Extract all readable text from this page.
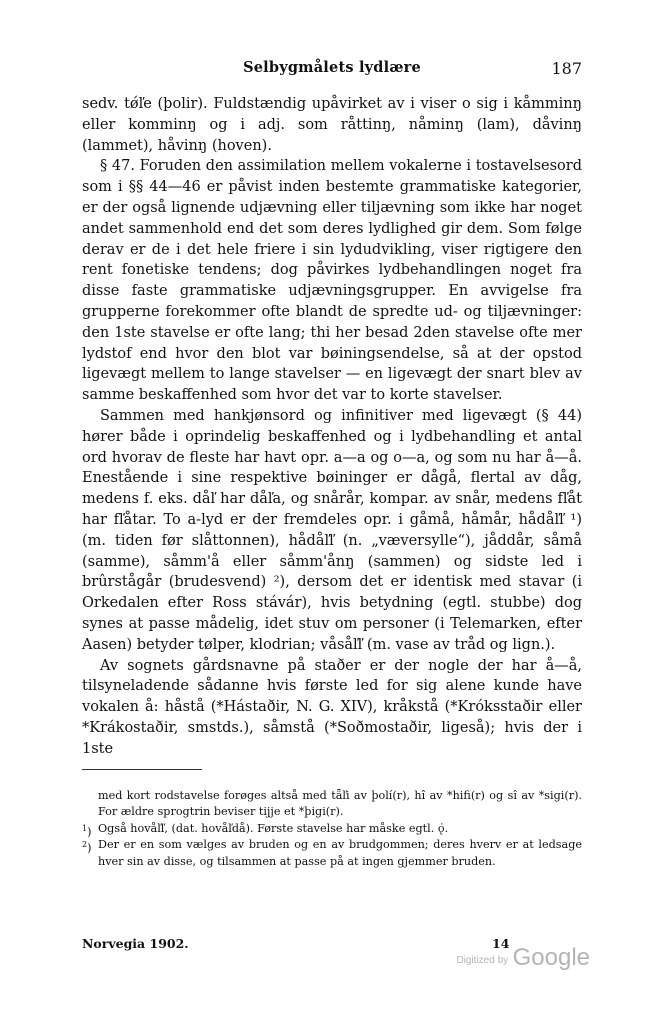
Selbygmålets lydlære	187

sedv. tǿľe (þolir). Fuldstændig upåvirket av i viser o sig i kåmminŋ eller komminŋ og i adj. som råttinŋ, nåminŋ (lam), dåvinŋ (lammet), håvinŋ (hoven).

§ 47. Foruden den assimilation mellem vokalerne i tostavelsesord som i §§ 44—46 er påvist inden bestemte grammatiske kategorier, er der også lignende udjævning eller tiljævning som ikke har noget andet sammenhold end det som deres lydlighed gir dem. Som følge derav er de i det hele friere i sin lydudvikling, viser rigtigere den rent fonetiske tendens; dog påvirkes lydbehandlingen noget fra disse faste grammatiske udjævningsgrupper. En avvigelse fra grupperne forekommer ofte blandt de spredte ud- og tiljævninger: den 1ste stavelse er ofte lang; thi her besad 2den stavelse ofte mer lydstof end hvor den blot var bøiningsendelse, så at der opstod ligevægt mellem to lange stavelser — en ligevægt der snart blev av samme beskaffenhed som hvor det var to korte stavelser.

Sammen med hankjønsord og infinitiver med ligevægt (§ 44) hører både i oprindelig beskaffenhed og i lydbehandling et antal ord hvorav de fleste har havt opr. a—a og o—a, og som nu har å—å. Enestående i sine respektive bøininger er dågå, flertal av dåg, medens f. eks. dåľ har dåľa, og snårår, kompar. av snår, medens fľåt har fľåtar. To a-lyd er der fremdeles opr. i gåmå, håmår, hådåľľ ¹) (m. tiden før slåttonnen), hådåľľ (n. „væversylle“), jåddår, såmå (samme), såmm'å eller såmm'ånŋ (sammen) og sidste led i brûrstågår (brudesvend) ²), dersom det er identisk med stavar (i Orkedalen efter Ross stávár), hvis betydning (egtl. stubbe) dog synes at passe mådelig, idet stuv om personer (i Telemarken, efter Aasen) betyder tølper, klodrian; våsåľľ (m. vase av tråd og lign.).

Av sognets gårdsnavne på staðer er der nogle der har å—å, tilsyneladende sådanne hvis første led for sig alene kunde have vokalen å: håstå (*Hástaðir, N. G. XIV), kråkstå (*Króksstaðir eller *Krákostaðir, smstds.), såmstå (*Soðmostaðir, ligeså); hvis der i 1ste

med kort rodstavelse forøges altså med tǟľi av þolí(r), hî av *hifi(r) og sî av *sigi(r). For ældre sprogtrin beviser tijje et *þigi(r).

$^1$) Også hovåľľ, (dat. hovåľdå). Første stavelse har måske egtl. ǫ̇.

$^2$) Der er en som vælges av bruden og en av brudgommen; deres hverv er at ledsage hver sin av disse, og tilsammen at passe på at ingen gjemmer bruden.

Norvegia 1902.	14
Digitized by Google
